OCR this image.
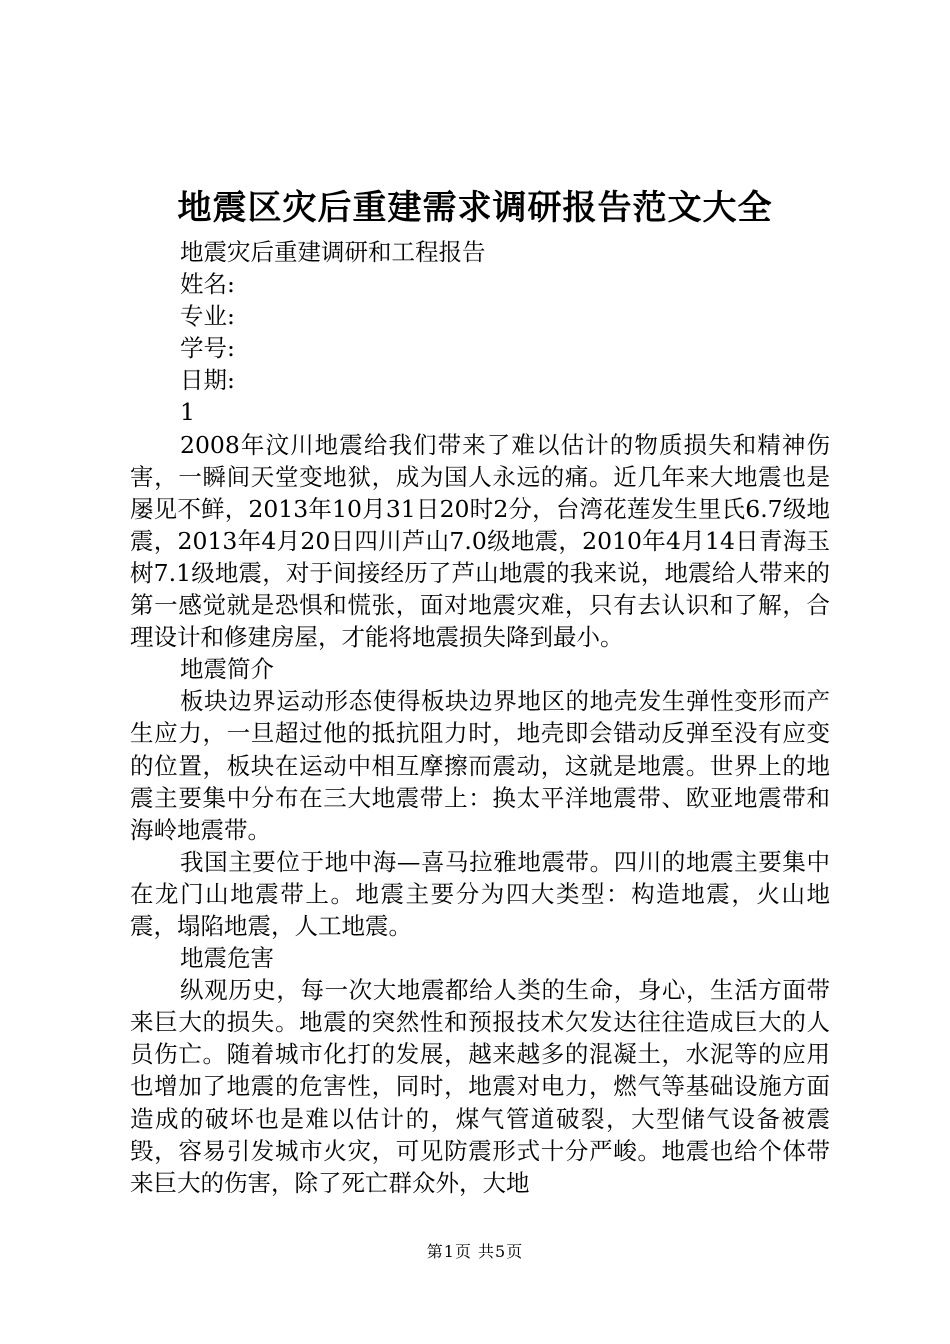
地震区灾后重建需求调研报告范文大全

地震灾后重建调研和工程报告

姓名:

专业:

学号:

日期:

1

2008年汶川地震给我们带来了难以估计的物质损失和精神伤害，一瞬间天堂变地狱，成为国人永远的痛。近几年来大地震也是屡见不鲜，2013年10月31日20时2分，台湾花莲发生里氏6.7级地震，2013年4月20日四川芦山7.0级地震，2010年4月14日青海玉树7.1级地震，对于间接经历了芦山地震的我来说，地震给人带来的第一感觉就是恐惧和慌张，面对地震灾难，只有去认识和了解，合理设计和修建房屋，才能将地震损失降到最小。

地震简介

板块边界运动形态使得板块边界地区的地壳发生弹性变形而产生应力，一旦超过他的抵抗阻力时，地壳即会错动反弹至没有应变的位置，板块在运动中相互摩擦而震动，这就是地震。世界上的地震主要集中分布在三大地震带上：换太平洋地震带、欧亚地震带和海岭地震带。

我国主要位于地中海—喜马拉雅地震带。四川的地震主要集中在龙门山地震带上。地震主要分为四大类型：构造地震，火山地震，塌陷地震，人工地震。

地震危害

纵观历史，每一次大地震都给人类的生命，身心，生活方面带来巨大的损失。地震的突然性和预报技术欠发达往往造成巨大的人员伤亡。随着城市化打的发展，越来越多的混凝土，水泥等的应用也增加了地震的危害性，同时，地震对电力，燃气等基础设施方面造成的破坏也是难以估计的，煤气管道破裂，大型储气设备被震毁，容易引发城市火灾，可见防震形式十分严峻。地震也给个体带来巨大的伤害，除了死亡群众外，大地

第1页 共5页
